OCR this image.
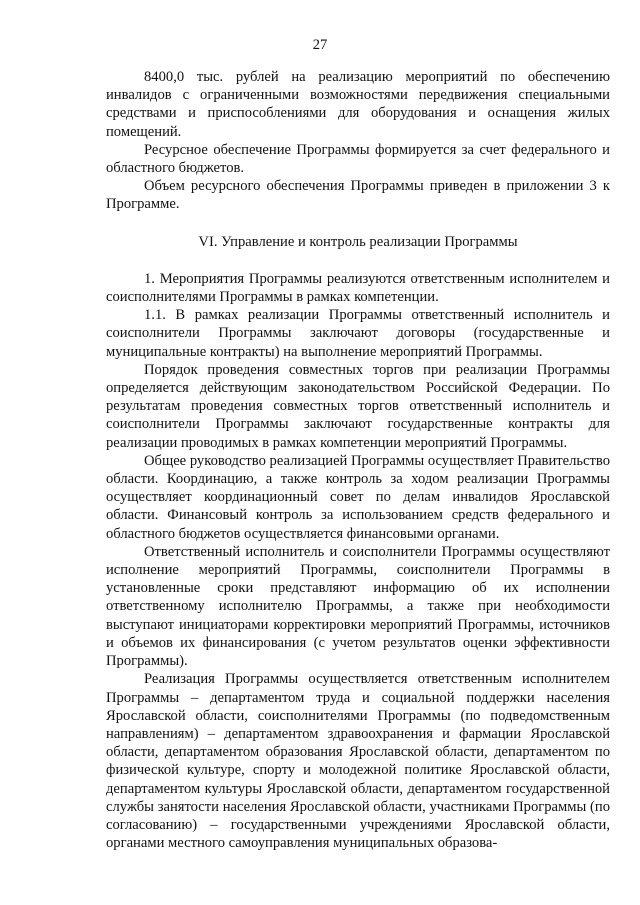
27

8400,0 тыс. рублей на реализацию мероприятий по обеспечению инвалидов с ограниченными возможностями передвижения специальными средствами и приспособлениями для оборудования и оснащения жилых помещений.

Ресурсное обеспечение Программы формируется за счет федерального и областного бюджетов.

Объем ресурсного обеспечения Программы приведен в приложении 3 к Программе.

VI. Управление и контроль реализации Программы

1. Мероприятия Программы реализуются ответственным исполнителем и соисполнителями Программы в рамках компетенции.

1.1. В рамках реализации Программы ответственный исполнитель и соисполнители Программы заключают договоры (государственные и муниципальные контракты) на выполнение мероприятий Программы.

Порядок проведения совместных торгов при реализации Программы определяется действующим законодательством Российской Федерации. По результатам проведения совместных торгов ответственный исполнитель и соисполнители Программы заключают государственные контракты для реализации проводимых в рамках компетенции мероприятий Программы.

Общее руководство реализацией Программы осуществляет Правительство области. Координацию, а также контроль за ходом реализации Программы осуществляет координационный совет по делам инвалидов Ярославской области. Финансовый контроль за использованием средств федерального и областного бюджетов осуществляется финансовыми органами.

Ответственный исполнитель и соисполнители Программы осуществляют исполнение мероприятий Программы, соисполнители Программы в установленные сроки представляют информацию об их исполнении ответственному исполнителю Программы, а также при необходимости выступают инициаторами корректировки мероприятий Программы, источников и объемов их финансирования (с учетом результатов оценки эффективности Программы).

Реализация Программы осуществляется ответственным исполнителем Программы – департаментом труда и социальной поддержки населения Ярославской области, соисполнителями Программы (по подведомственным направлениям) – департаментом здравоохранения и фармации Ярославской области, департаментом образования Ярославской области, департаментом по физической культуре, спорту и молодежной политике Ярославской области, департаментом культуры Ярославской области, департаментом государственной службы занятости населения Ярославской области, участниками Программы (по согласованию) – государственными учреждениями Ярославской области, органами местного самоуправления муниципальных образова-
